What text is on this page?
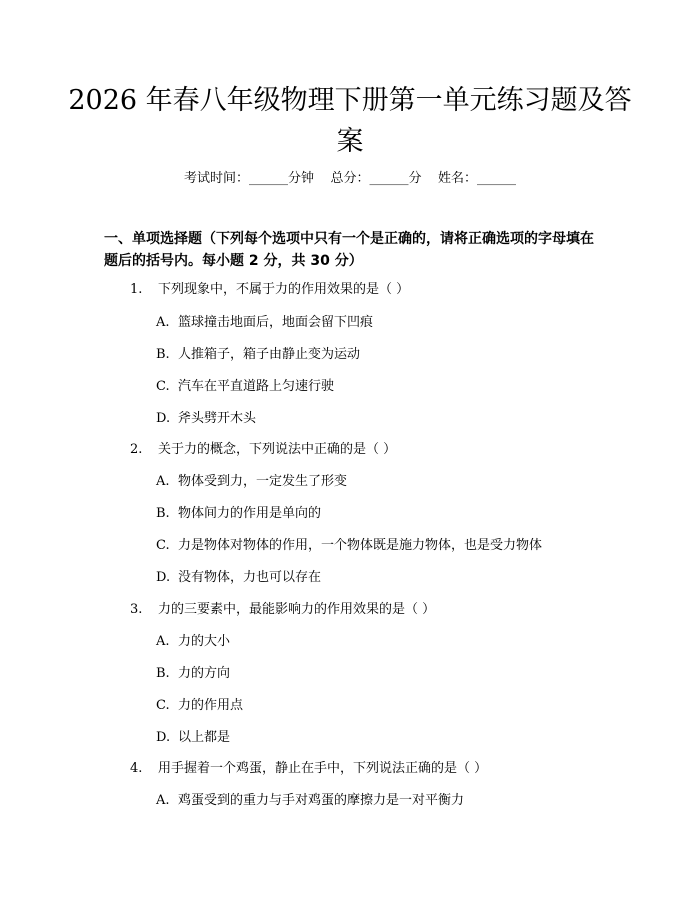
2026 年春八年级物理下册第一单元练习题及答案
考试时间：______分钟    总分：______分    姓名：______
一、单项选择题（下列每个选项中只有一个是正确的，请将正确选项的字母填在题后的括号内。每小题 2 分，共 30 分）
1. 下列现象中，不属于力的作用效果的是（ ）
A. 篮球撞击地面后，地面会留下凹痕
B. 人推箱子，箱子由静止变为运动
C. 汽车在平直道路上匀速行驶
D. 斧头劈开木头
2. 关于力的概念，下列说法中正确的是（ ）
A. 物体受到力，一定发生了形变
B. 物体间力的作用是单向的
C. 力是物体对物体的作用，一个物体既是施力物体，也是受力物体
D. 没有物体，力也可以存在
3. 力的三要素中，最能影响力的作用效果的是（ ）
A. 力的大小
B. 力的方向
C. 力的作用点
D. 以上都是
4. 用手握着一个鸡蛋，静止在手中，下列说法正确的是（ ）
A. 鸡蛋受到的重力与手对鸡蛋的摩擦力是一对平衡力
